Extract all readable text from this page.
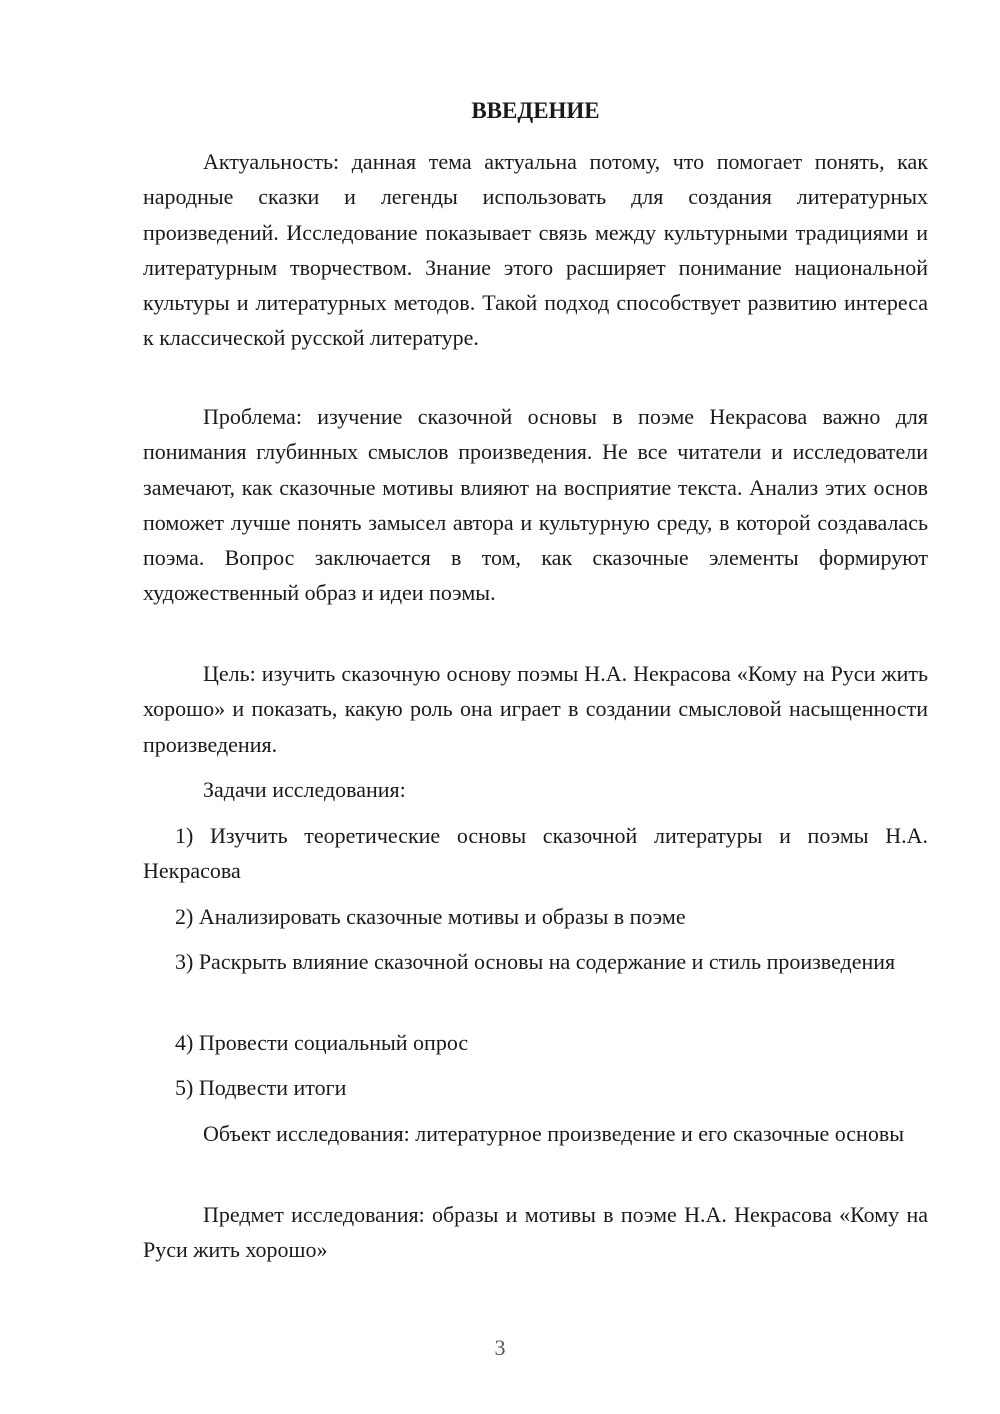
ВВЕДЕНИЕ

Актуальность: данная тема актуальна потому, что помогает понять, как народные сказки и легенды использовать для создания литературных произведений. Исследование показывает связь между культурными традициями и литературным творчеством. Знание этого расширяет понимание национальной культуры и литературных методов. Такой подход способствует развитию интереса к классической русской литературе.

Проблема: изучение сказочной основы в поэме Некрасова важно для понимания глубинных смыслов произведения. Не все читатели и исследователи замечают, как сказочные мотивы влияют на восприятие текста. Анализ этих основ поможет лучше понять замысел автора и культурную среду, в которой создавалась поэма. Вопрос заключается в том, как сказочные элементы формируют художественный образ и идеи поэмы.

Цель: изучить сказочную основу поэмы Н.А. Некрасова «Кому на Руси жить хорошо» и показать, какую роль она играет в создании смысловой насыщенности произведения.

Задачи исследования:

1) Изучить теоретические основы сказочной литературы и поэмы Н.А. Некрасова

2) Анализировать сказочные мотивы и образы в поэме

3) Раскрыть влияние сказочной основы на содержание и стиль произведения

4) Провести социальный опрос

5) Подвести итоги

Объект исследования: литературное произведение и его сказочные основы

Предмет исследования: образы и мотивы в поэме Н.А. Некрасова «Кому на Руси жить хорошо»

3
